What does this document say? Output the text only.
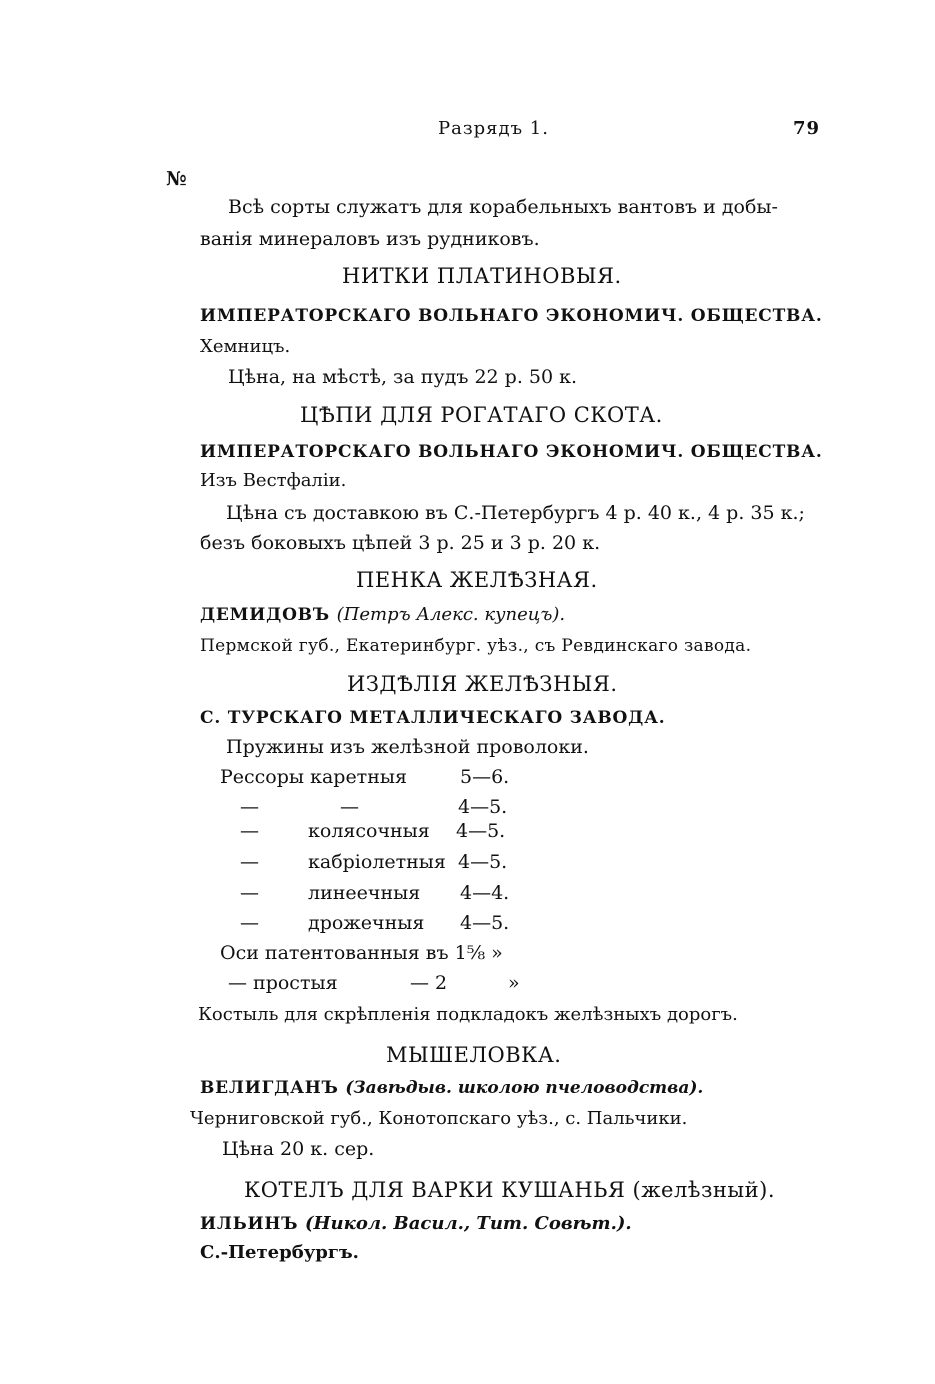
Разрядъ 1.	79
№
Всѣ сорты служатъ для корабельныхъ вантовъ и добы-
ванія минераловъ изъ рудниковъ.
НИТКИ ПЛАТИНОВЫЯ.
ИМПЕРАТОРСКАГО ВОЛЬНАГО ЭКОНОМИЧ. ОБЩЕСТВА.
Хемницъ.
Цѣна, на мѣстѣ, за пудъ 22 р. 50 к.
ЦѢПИ ДЛЯ РОГАТАГО СКОТА.
ИМПЕРАТОРСКАГО ВОЛЬНАГО ЭКОНОМИЧ. ОБЩЕСТВА.
Изъ Вестфаліи.
Цѣна съ доставкою въ С.-Петербургъ 4 р. 40 к., 4 р. 35 к.;
безъ боковыхъ цѣпей 3 р. 25 и 3 р. 20 к.
ПЕНКА ЖЕЛѢЗНАЯ.
ДЕМИДОВЪ (Петръ Алекс. купецъ).
Пермской губ., Екатеринбург. уѣз., съ Ревдинскаго завода.
ИЗДѢЛІЯ ЖЕЛѢЗНЫЯ.
С. ТУРСКАГО МЕТАЛЛИЧЕСКАГО ЗАВОДА.
Пружины изъ желѣзной проволоки.
Рессоры каретныя	5—6.
—	—	4—5.
—	колясочныя 4—5.
—	кабріолетныя 4—5.
—	линеечныя 4—4.
—	дрожечныя 4—5.
Оси патентованныя въ 1⅝ »
— простыя	— 2	»
Костыль для скрѣпленія подкладокъ желѣзныхъ дорогъ.
МЫШЕЛОВКА.
ВЕЛИГДАНЪ (Завѣдыв. школою пчеловодства).
Черниговской губ., Конотопскаго уѣз., с. Пальчики.
Цѣна 20 к. сер.
КОТЕЛЪ ДЛЯ ВАРКИ КУШАНЬЯ (желѣзный).
ИЛЬИНЪ (Никол. Васил., Тит. Совѣт.).
С.-Петербургъ.
